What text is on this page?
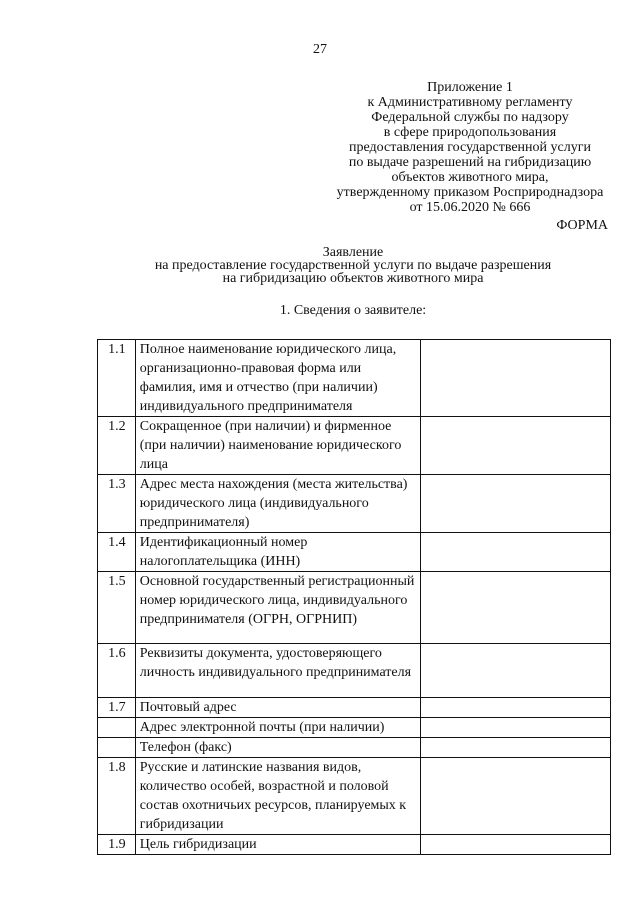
27
Приложение 1
к Административному регламенту
Федеральной службы по надзору
в сфере природопользования
предоставления государственной услуги
по выдаче разрешений на гибридизацию
объектов животного мира,
утвержденному приказом Росприроднадзора
от 15.06.2020 № 666
ФОРМА
Заявление
на предоставление государственной услуги по выдаче разрешения
на гибридизацию объектов животного мира
1. Сведения о заявителе:
1.1	Полное наименование юридического лица, организационно-правовая форма или фамилия, имя и отчество (при наличии) индивидуального предпринимателя	
1.2	Сокращенное (при наличии) и фирменное (при наличии) наименование юридического лица	
1.3	Адрес места нахождения (места жительства) юридического лица (индивидуального предпринимателя)	
1.4	Идентификационный номер налогоплательщика (ИНН)	
1.5	Основной государственный регистрационный номер юридического лица, индивидуального предпринимателя (ОГРН, ОГРНИП)	
1.6	Реквизиты документа, удостоверяющего личность индивидуального предпринимателя	
1.7	Почтовый адрес	
	Адрес электронной почты (при наличии)	
	Телефон (факс)	
1.8	Русские и латинские названия видов, количество особей, возрастной и половой состав охотничьих ресурсов, планируемых к гибридизации	
1.9	Цель гибридизации	
